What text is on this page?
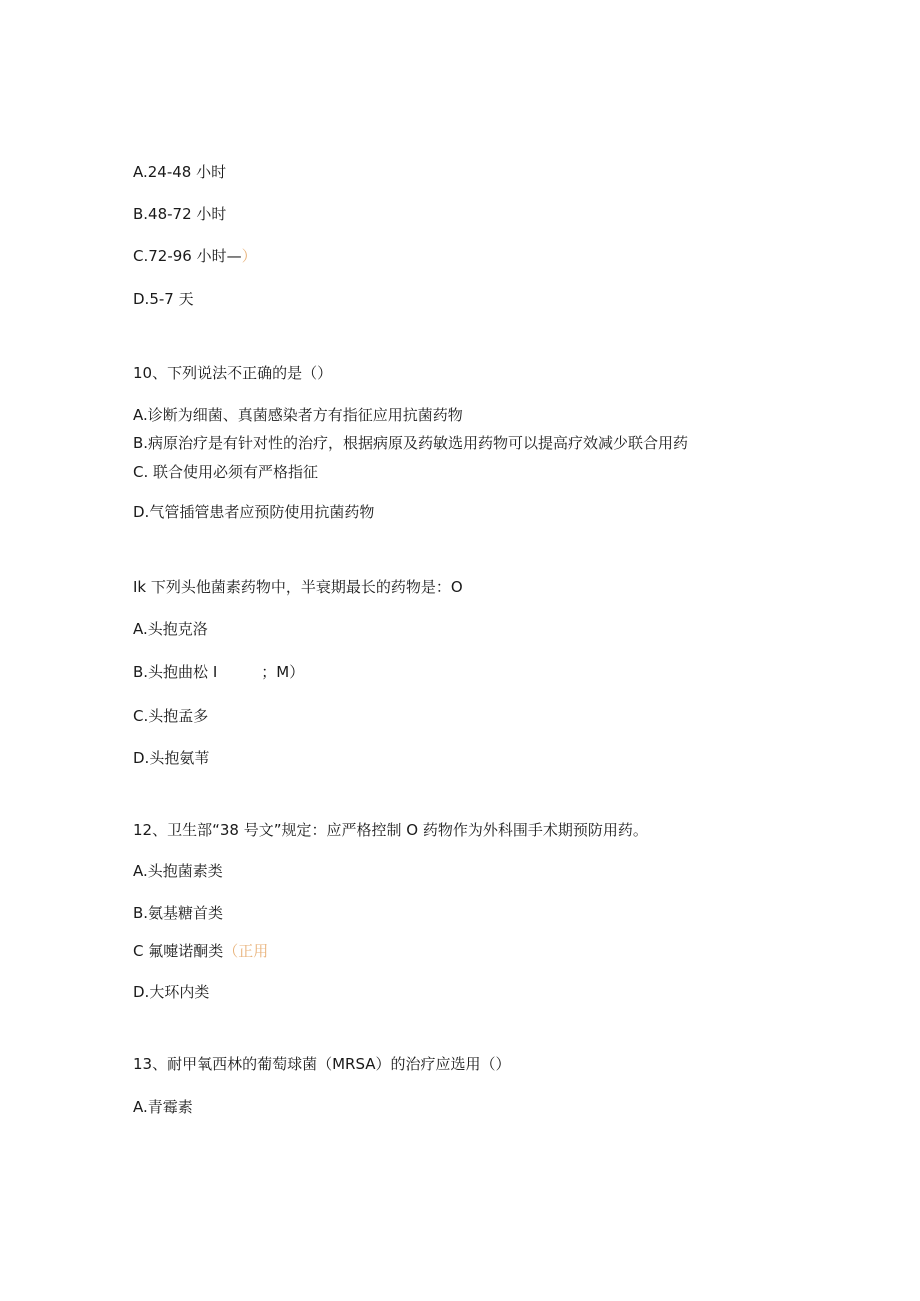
A.24-48 小时
B.48-72 小时
C.72-96 小时—）
D.5-7 天
10、下列说法不正确的是（）
A.诊断为细菌、真菌感染者方有指征应用抗菌药物
B.病原治疗是有针对性的治疗，根据病原及药敏选用药物可以提高疗效减少联合用药
C. 联合使用必须有严格指征
D.气管插管患者应预防使用抗菌药物
Ik 下列头他菌素药物中，半衰期最长的药物是：O
A.头抱克洛
B.头抱曲松 I	；M）
C.头抱孟多
D.头抱氨苇
12、卫生部“38 号文”规定：应严格控制 O 药物作为外科围手术期预防用药。
A.头抱菌素类
B.氨基糖首类
C 氟嚏诺酮类（正用
D.大环内类
13、耐甲氧西林的葡萄球菌（MRSA）的治疗应选用（）
A.青霉素
